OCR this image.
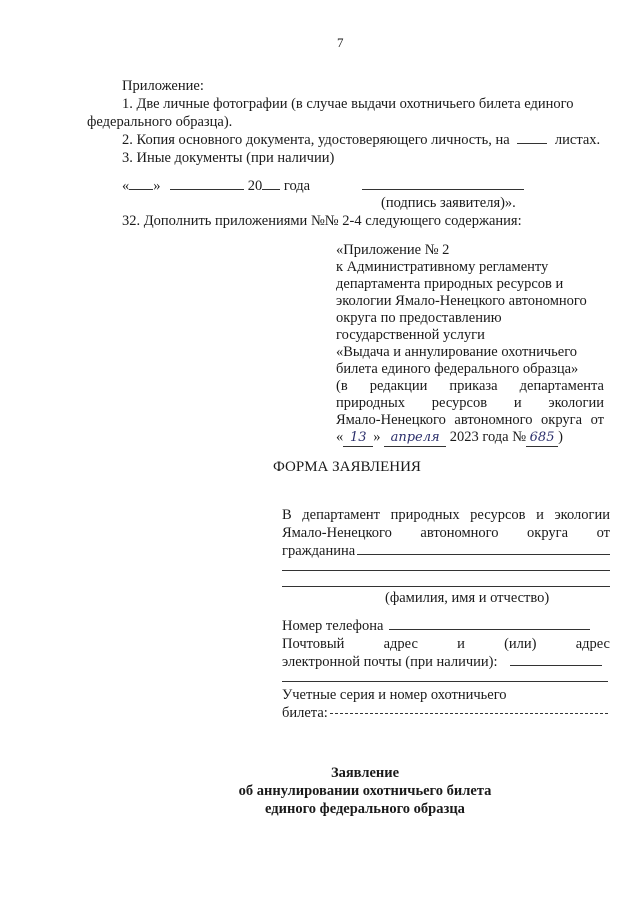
7
Приложение:
1. Две личные фотографии (в случае выдачи охотничьего билета единого
федерального образца).
2. Копия основного документа, удостоверяющего личность, на	листах.
3. Иные документы (при наличии)
« »	20 года
(подпись заявителя)».
32. Дополнить приложениями №№ 2-4 следующего содержания:
«Приложение № 2
к Административному регламенту
департамента природных ресурсов и
экологии Ямало-Ненецкого автономного
округа по предоставлению
государственной услуги
«Выдача и аннулирование охотничьего
билета единого федерального образца»
(в редакции приказа департамента
природных ресурсов и экологии
Ямало-Ненецкого автономного округа от
« 13 » апреля 2023 года № 685 )
ФОРМА ЗАЯВЛЕНИЯ
В департамент природных ресурсов и экологии
Ямало-Ненецкого автономного округа от
гражданина
(фамилия, имя и отчество)
Номер телефона
Почтовый	адрес	и	(или)	адрес
электронной почты (при наличии):
Учетные серия и номер охотничьего
билета:
Заявление
об аннулировании охотничьего билета
единого федерального образца
